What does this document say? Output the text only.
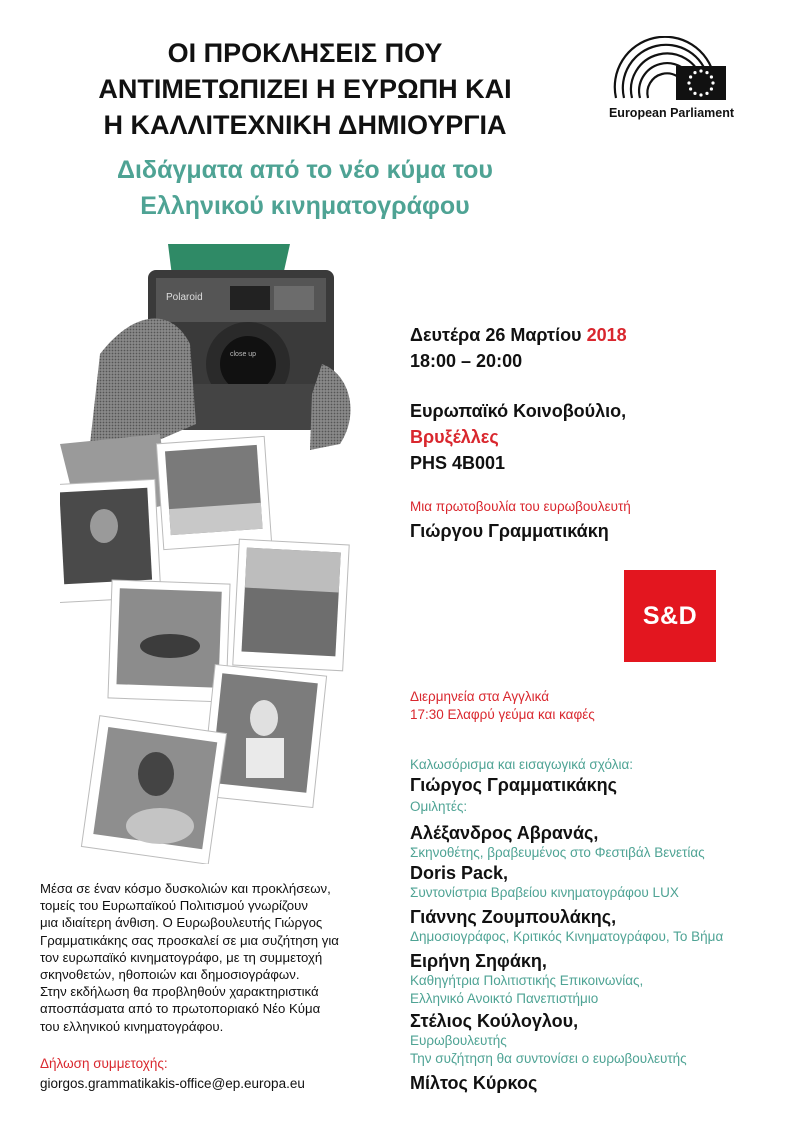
ΟΙ ΠΡΟΚΛΗΣΕΙΣ ΠΟΥ
ΑΝΤΙΜΕΤΩΠΙΖΕΙ Η ΕΥΡΩΠΗ ΚΑΙ
Η ΚΑΛΛΙΤΕΧΝΙΚΗ ΔΗΜΙΟΥΡΓΙΑ
Διδάγματα από το νέο κύμα του
Ελληνικού κινηματογράφου
European Parliament
Polaroid
close up
Δευτέρα 26 Μαρτίου 2018
18:00 – 20:00
Ευρωπαϊκό Κοινοβούλιο,
Βρυξέλλες
PHS 4B001
Μια πρωτοβουλία του ευρωβουλευτή
Γιώργου Γραμματικάκη
S&D
Διερμηνεία στα Αγγλικά
17:30 Ελαφρύ γεύμα και καφές
Καλωσόρισμα και εισαγωγικά σχόλια:
Γιώργος Γραμματικάκης
Ομιλητές:
Αλέξανδρος Αβρανάς,
Σκηνοθέτης, βραβευμένος στο Φεστιβάλ Βενετίας
Doris Pack,
Συντονίστρια Βραβείου κινηματογράφου LUX
Γιάννης Ζουμπουλάκης,
Δημοσιογράφος, Κριτικός Κινηματογράφου, Το Βήμα
Ειρήνη Σηφάκη,
Καθηγήτρια Πολιτιστικής Επικοινωνίας,
Ελληνικό Ανοικτό Πανεπιστήμιο
Στέλιος Κούλογλου,
Ευρωβουλευτής
Την συζήτηση θα συντονίσει ο ευρωβουλευτής
Μίλτος Κύρκος
Μέσα σε έναν κόσμο δυσκολιών και προκλήσεων,
τομείς του Ευρωπαϊκού Πολιτισμού γνωρίζουν
μια ιδιαίτερη άνθιση. Ο Ευρωβουλευτής Γιώργος
Γραμματικάκης σας προσκαλεί σε μια συζήτηση για
τον ευρωπαϊκό κινηματογράφο, με τη συμμετοχή
σκηνοθετών, ηθοποιών και δημοσιογράφων.
Στην εκδήλωση θα προβληθούν χαρακτηριστικά
αποσπάσματα από το πρωτοποριακό Νέο Κύμα
του ελληνικού κινηματογράφου.
Δήλωση συμμετοχής:
giorgos.grammatikakis-office@ep.europa.eu
